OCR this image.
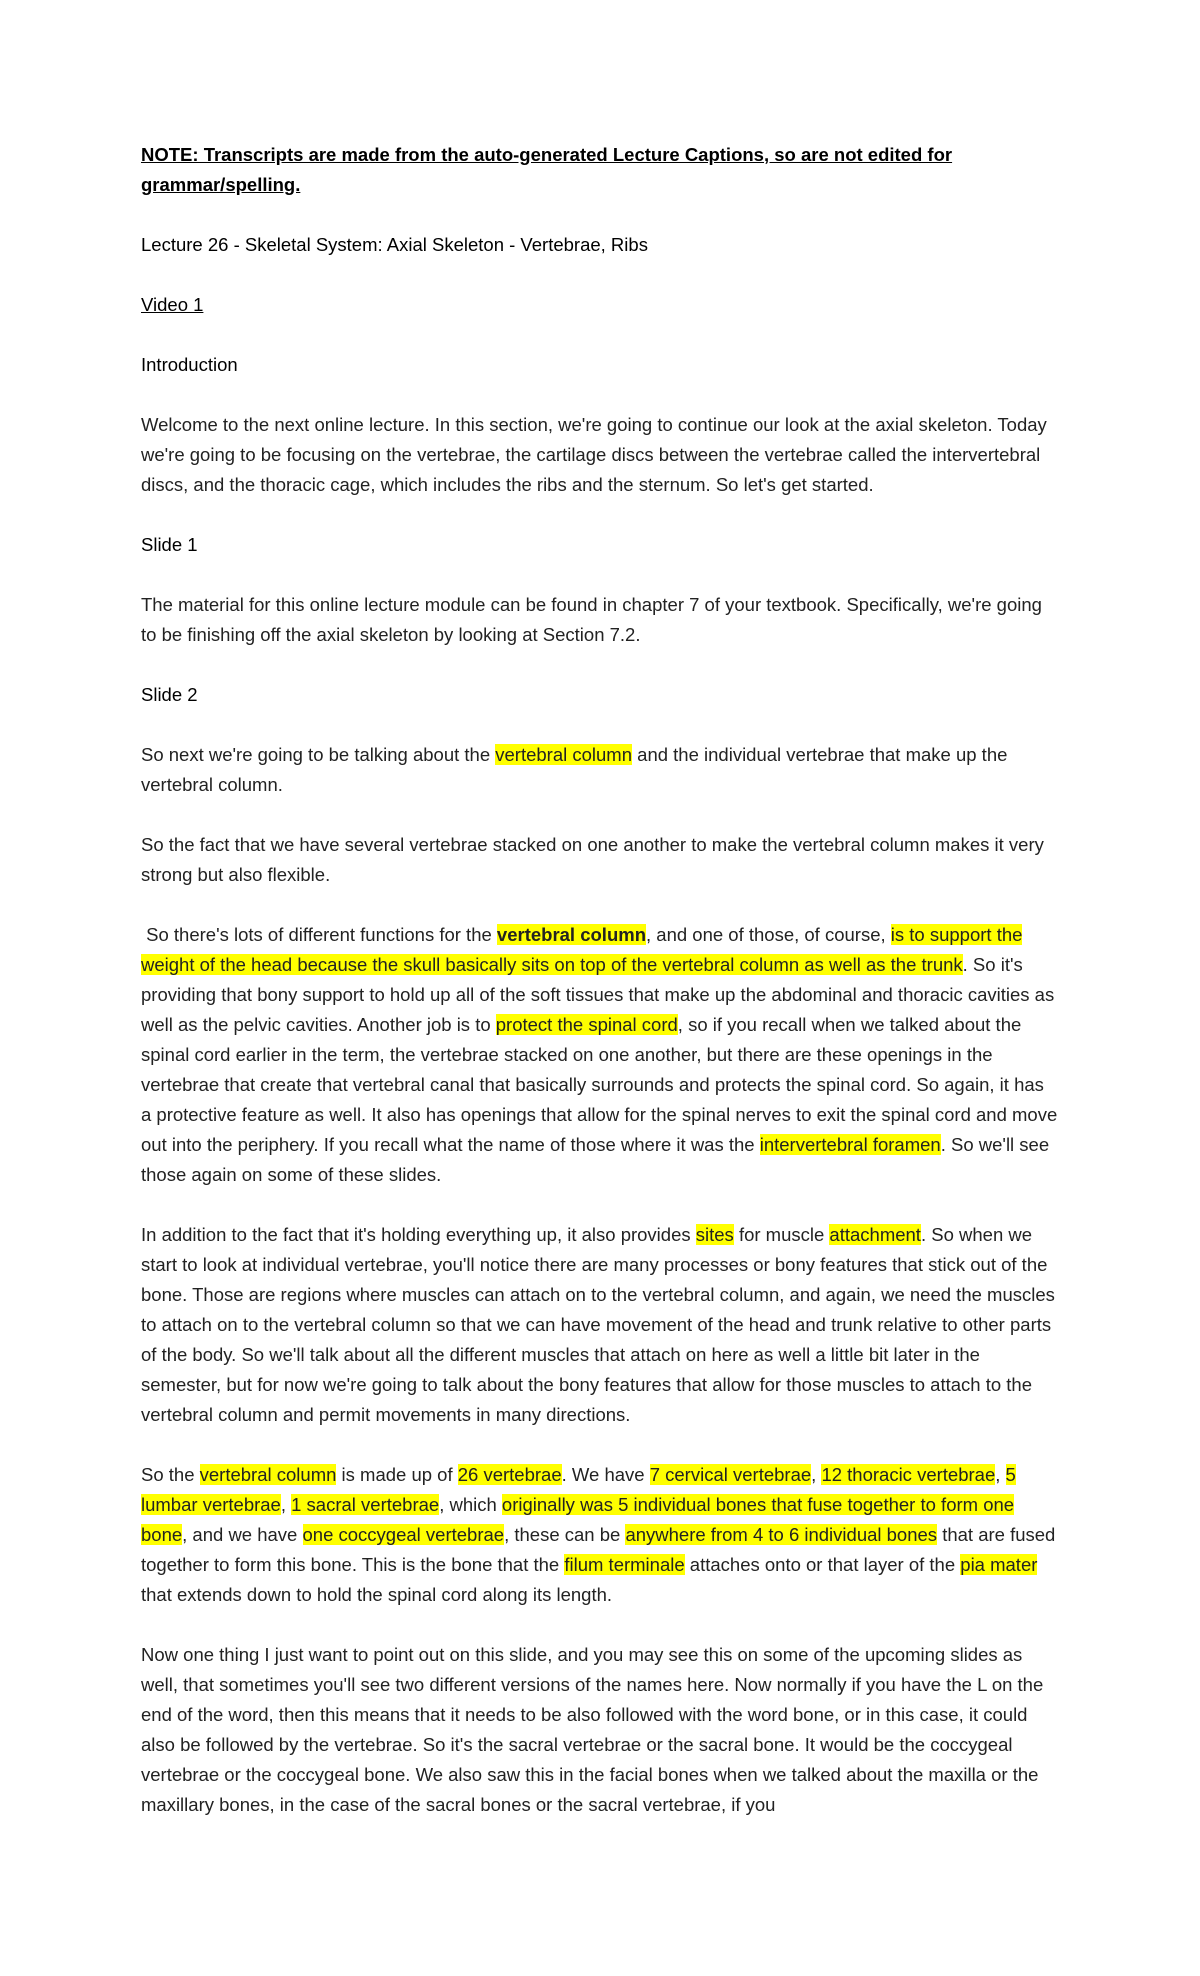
NOTE: Transcripts are made from the auto-generated Lecture Captions, so are not edited for grammar/spelling.

Lecture 26 - Skeletal System: Axial Skeleton - Vertebrae, Ribs

Video 1

Introduction

Welcome to the next online lecture. In this section, we're going to continue our look at the axial skeleton. Today we're going to be focusing on the vertebrae, the cartilage discs between the vertebrae called the intervertebral discs, and the thoracic cage, which includes the ribs and the sternum. So let's get started.

Slide 1

The material for this online lecture module can be found in chapter 7 of your textbook. Specifically, we're going to be finishing off the axial skeleton by looking at Section 7.2.

Slide 2

So next we're going to be talking about the vertebral column and the individual vertebrae that make up the vertebral column.

So the fact that we have several vertebrae stacked on one another to make the vertebral column makes it very strong but also flexible.

So there's lots of different functions for the vertebral column, and one of those, of course, is to support the weight of the head because the skull basically sits on top of the vertebral column as well as the trunk. So it's providing that bony support to hold up all of the soft tissues that make up the abdominal and thoracic cavities as well as the pelvic cavities. Another job is to protect the spinal cord, so if you recall when we talked about the spinal cord earlier in the term, the vertebrae stacked on one another, but there are these openings in the vertebrae that create that vertebral canal that basically surrounds and protects the spinal cord. So again, it has a protective feature as well. It also has openings that allow for the spinal nerves to exit the spinal cord and move out into the periphery. If you recall what the name of those where it was the intervertebral foramen. So we'll see those again on some of these slides.

In addition to the fact that it's holding everything up, it also provides sites for muscle attachment. So when we start to look at individual vertebrae, you'll notice there are many processes or bony features that stick out of the bone. Those are regions where muscles can attach on to the vertebral column, and again, we need the muscles to attach on to the vertebral column so that we can have movement of the head and trunk relative to other parts of the body. So we'll talk about all the different muscles that attach on here as well a little bit later in the semester, but for now we're going to talk about the bony features that allow for those muscles to attach to the vertebral column and permit movements in many directions.

So the vertebral column is made up of 26 vertebrae. We have 7 cervical vertebrae, 12 thoracic vertebrae, 5 lumbar vertebrae, 1 sacral vertebrae, which originally was 5 individual bones that fuse together to form one bone, and we have one coccygeal vertebrae, these can be anywhere from 4 to 6 individual bones that are fused together to form this bone. This is the bone that the filum terminale attaches onto or that layer of the pia mater that extends down to hold the spinal cord along its length.

Now one thing I just want to point out on this slide, and you may see this on some of the upcoming slides as well, that sometimes you'll see two different versions of the names here. Now normally if you have the L on the end of the word, then this means that it needs to be also followed with the word bone, or in this case, it could also be followed by the vertebrae. So it's the sacral vertebrae or the sacral bone. It would be the coccygeal vertebrae or the coccygeal bone. We also saw this in the facial bones when we talked about the maxilla or the maxillary bones, in the case of the sacral bones or the sacral vertebrae, if you
